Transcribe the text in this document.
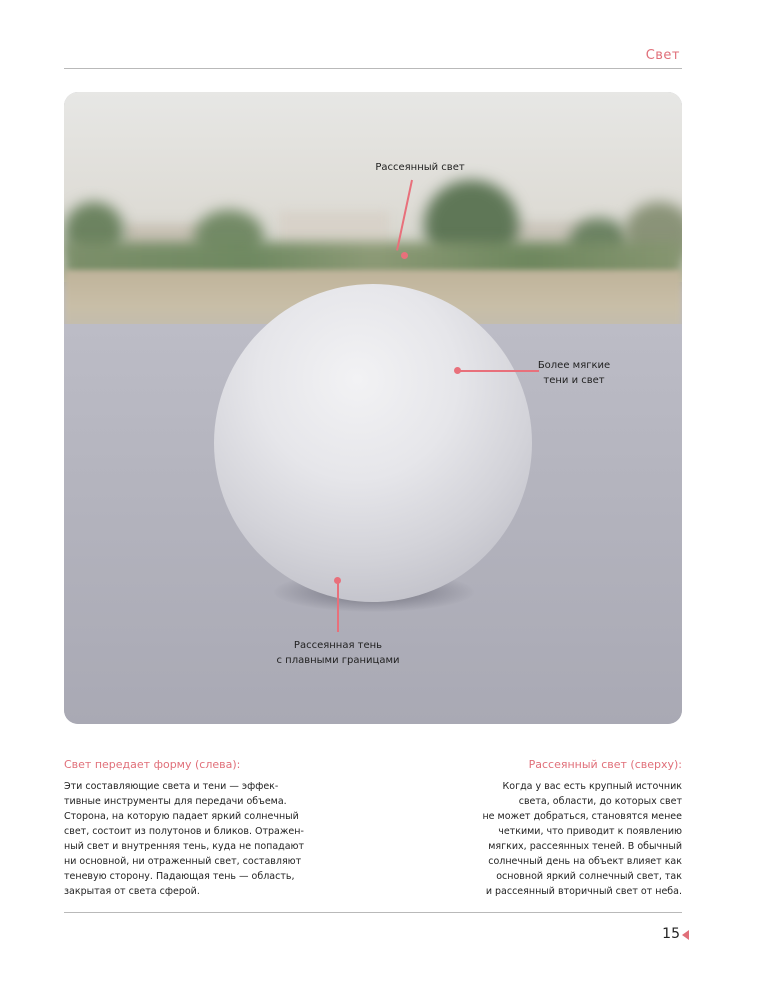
Свет
Рассеянный свет
Более мягкие
тени и свет
Рассеянная тень
с плавными границами
Свет передает форму (слева):

Эти составляющие света и тени — эффек-
тивные инструменты для передачи объема.
Сторона, на которую падает яркий солнечный
свет, состоит из полутонов и бликов. Отражен-
ный свет и внутренняя тень, куда не попадают
ни основной, ни отраженный свет, составляют
теневую сторону. Падающая тень — область,
закрытая от света сферой.

Рассеянный свет (сверху):

Когда у вас есть крупный источник
света, области, до которых свет
не может добраться, становятся менее
четкими, что приводит к появлению
мягких, рассеянных теней. В обычный
солнечный день на объект влияет как
основной яркий солнечный свет, так
и рассеянный вторичный свет от неба.

15
